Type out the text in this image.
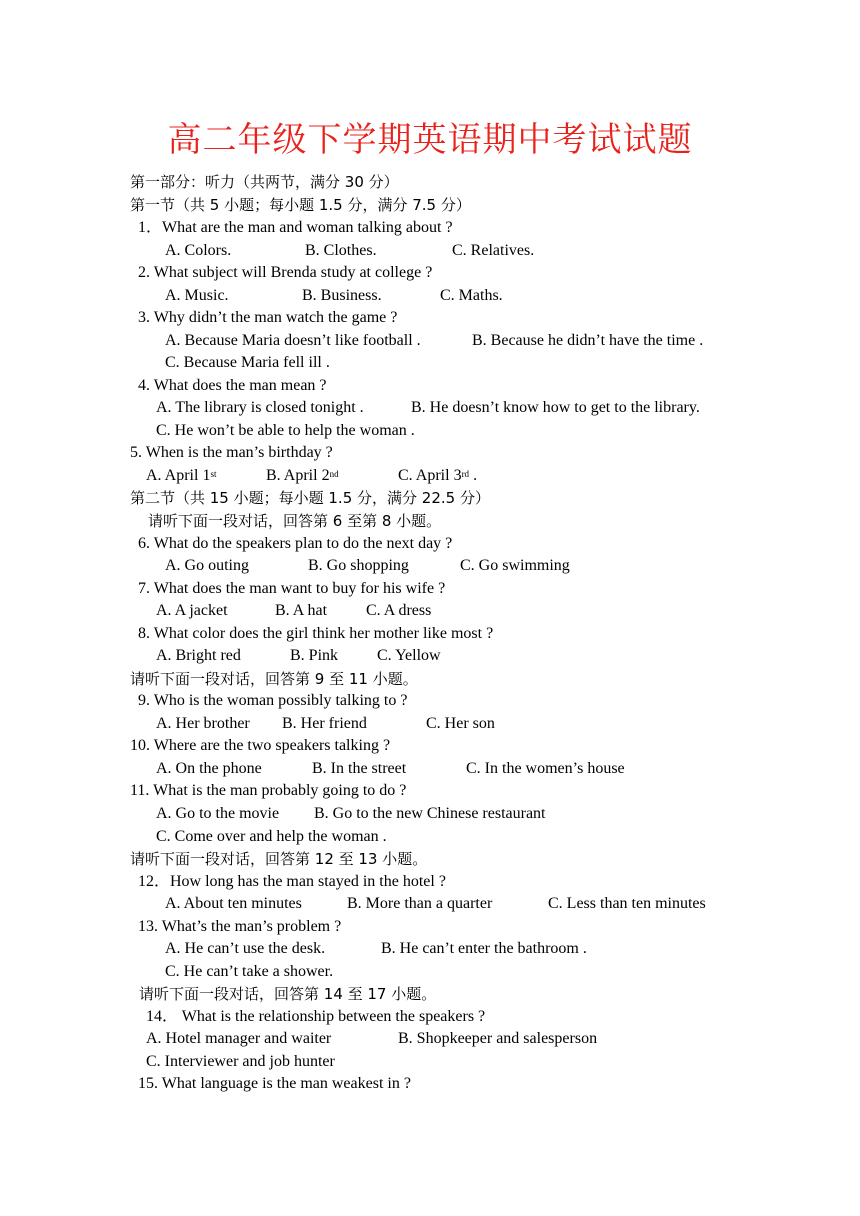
高二年级下学期英语期中考试试题
第一部分：听力（共两节，满分 30 分）
第一节（共 5 小题；每小题 1.5 分，满分 7.5 分）
1．What are the man and woman talking about ?
A. Colors.	B. Clothes.	C. Relatives.
2. What subject will Brenda study at college ?
A. Music.	B. Business.	C. Maths.
3. Why didn’t the man watch the game ?
A. Because Maria doesn’t like football .	B. Because he didn’t have the time .
C. Because Maria fell ill .
4. What does the man mean ?
A. The library is closed tonight .	B. He doesn’t know how to get to the library.
C. He won’t be able to help the woman .
5. When is the man’s birthday ?
A. April 1st	B. April 2nd	C. April 3rd .
第二节（共 15 小题；每小题 1.5 分，满分 22.5 分）
请听下面一段对话，回答第 6 至第 8 小题。
6. What do the speakers plan to do the next day ?
A. Go outing	B. Go shopping	C. Go swimming
7. What does the man want to buy for his wife ?
A. A jacket	B. A hat C. A dress
8. What color does the girl think her mother like most ?
A. Bright red	B. Pink C. Yellow
请听下面一段对话，回答第 9 至 11 小题。
9. Who is the woman possibly talking to ?
A. Her brother B. Her friend	C. Her son
10. Where are the two speakers talking ?
A. On the phone	B. In the street	C. In the women’s house
11. What is the man probably going to do ?
A. Go to the movie B. Go to the new Chinese restaurant
C. Come over and help the woman .
请听下面一段对话，回答第 12 至 13 小题。
12．How long has the man stayed in the hotel ?
A. About ten minutes	B. More than a quarter	C. Less than ten minutes
13. What’s the man’s problem ?
A. He can’t use the desk.	B. He can’t enter the bathroom .
C. He can’t take a shower.
请听下面一段对话，回答第 14 至 17 小题。
14． What is the relationship between the speakers ?
A. Hotel manager and waiter	B. Shopkeeper and salesperson
C. Interviewer and job hunter
15. What language is the man weakest in ?
